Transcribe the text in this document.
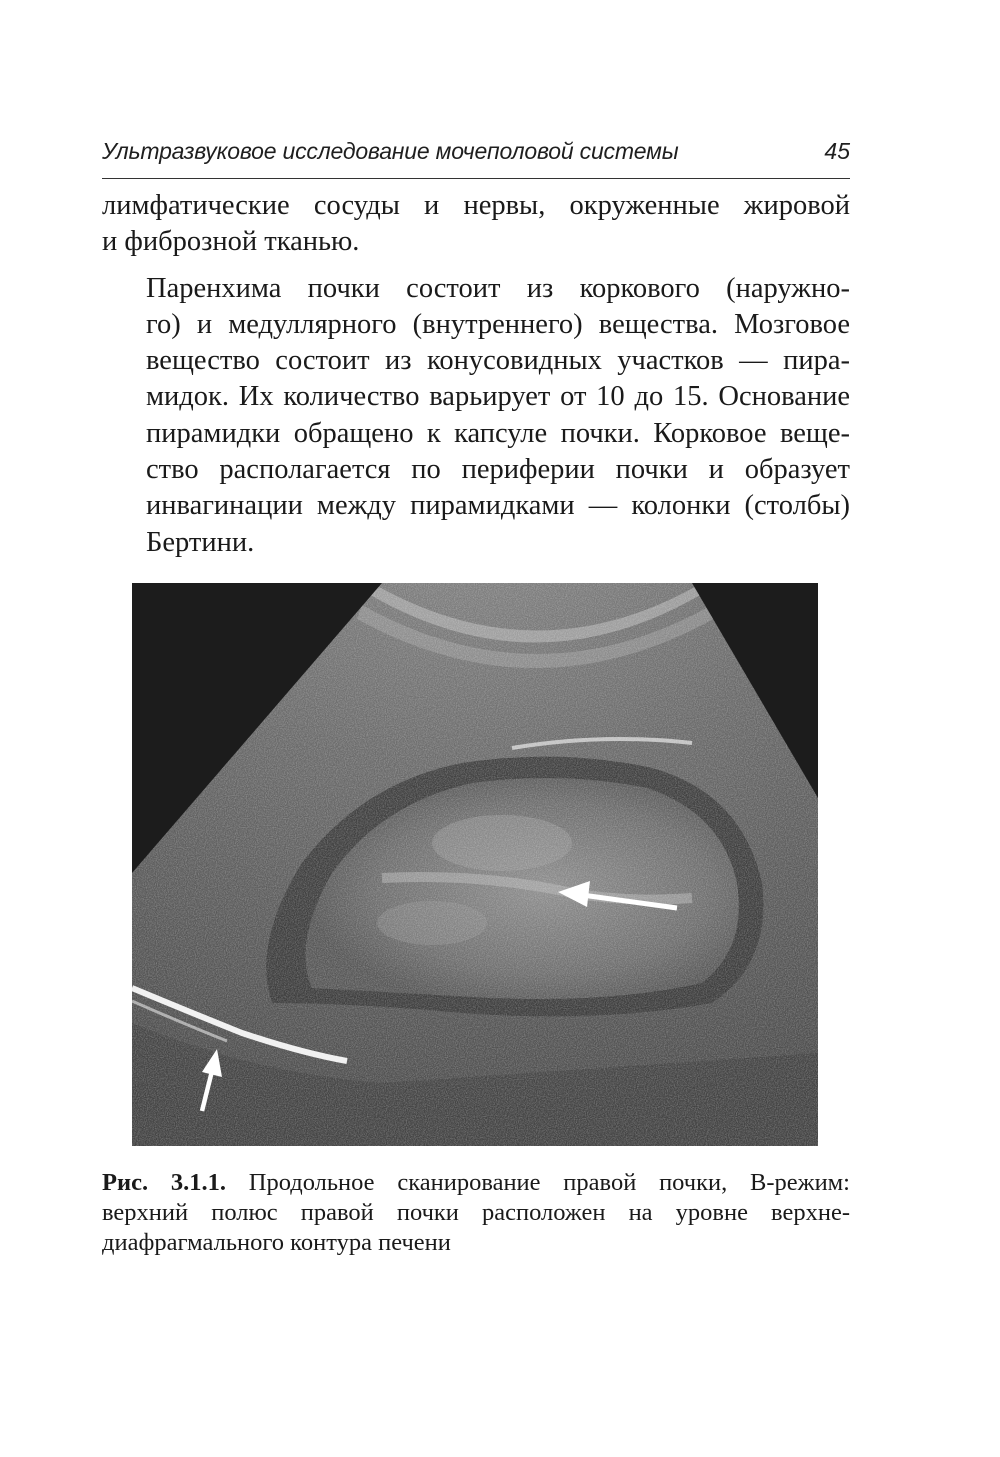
Ультразвуковое исследование мочеполовой системы	45

лимфатические сосуды и нервы, окруженные жировой
и фиброзной тканью.

Паренхима почки состоит из коркового (наружно-
го) и медуллярного (внутреннего) вещества. Мозговое
вещество состоит из конусовидных участков — пира-
мидок. Их количество варьирует от 10 до 15. Основание
пирамидки обращено к капсуле почки. Корковое веще-
ство располагается по периферии почки и образует
инвагинации между пирамидками — колонки (столбы)
Бертини.

Рис. 3.1.1. Продольное сканирование правой почки, В-режим:
верхний полюс правой почки расположен на уровне верхне-
диафрагмального контура печени
